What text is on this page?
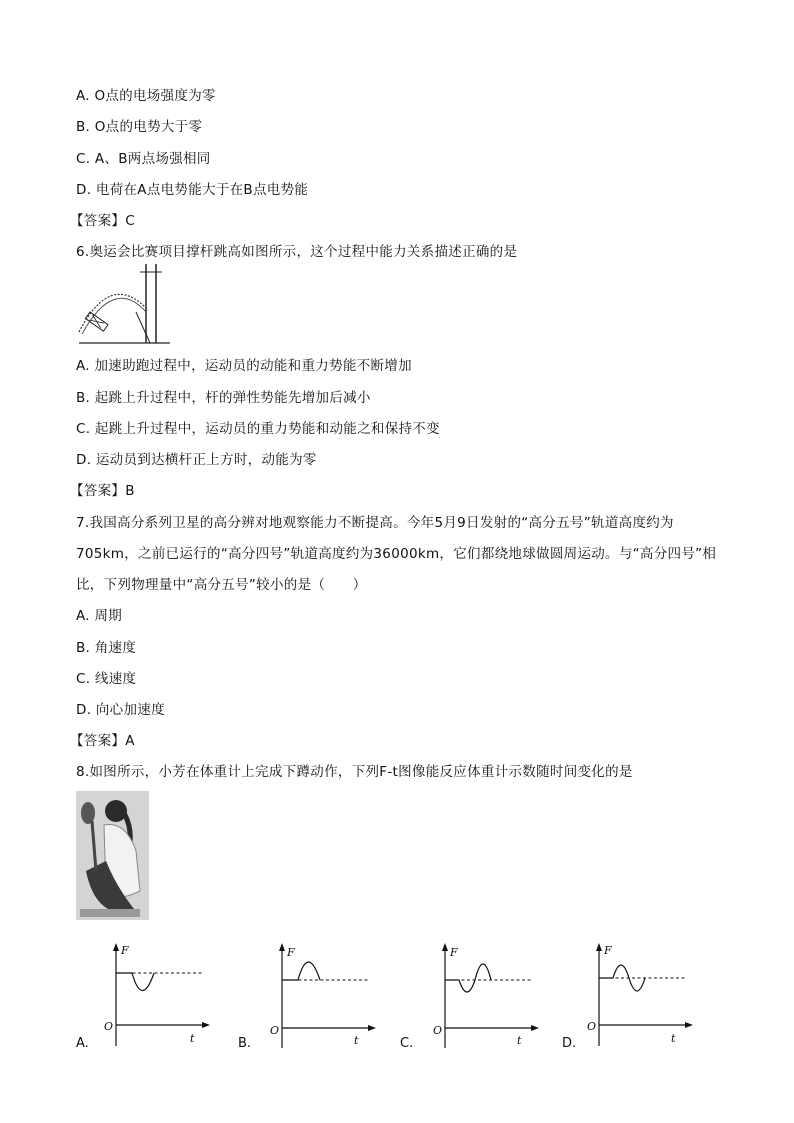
A. O点的电场强度为零
B. O点的电势大于零
C. A、B两点场强相同
D. 电荷在A点电势能大于在B点电势能
【答案】C
6.奥运会比赛项目撑杆跳高如图所示，这个过程中能力关系描述正确的是
A. 加速助跑过程中，运动员的动能和重力势能不断增加
B. 起跳上升过程中，杆的弹性势能先增加后减小
C. 起跳上升过程中，运动员的重力势能和动能之和保持不变
D. 运动员到达横杆正上方时，动能为零
【答案】B
7.我国高分系列卫星的高分辨对地观察能力不断提高。今年5月9日发射的“高分五号”轨道高度约为
705km，之前已运行的“高分四号”轨道高度约为36000km，它们都绕地球做圆周运动。与“高分四号”相
比，下列物理量中“高分五号”较小的是（　　）
A. 周期
B. 角速度
C. 线速度
D. 向心加速度
【答案】A
8.如图所示，小芳在体重计上完成下蹲动作，下列F-t图像能反应体重计示数随时间变化的是
F
O
t
A.
F
O
t
B.
F
O
t
C.
F
O
t
D.
